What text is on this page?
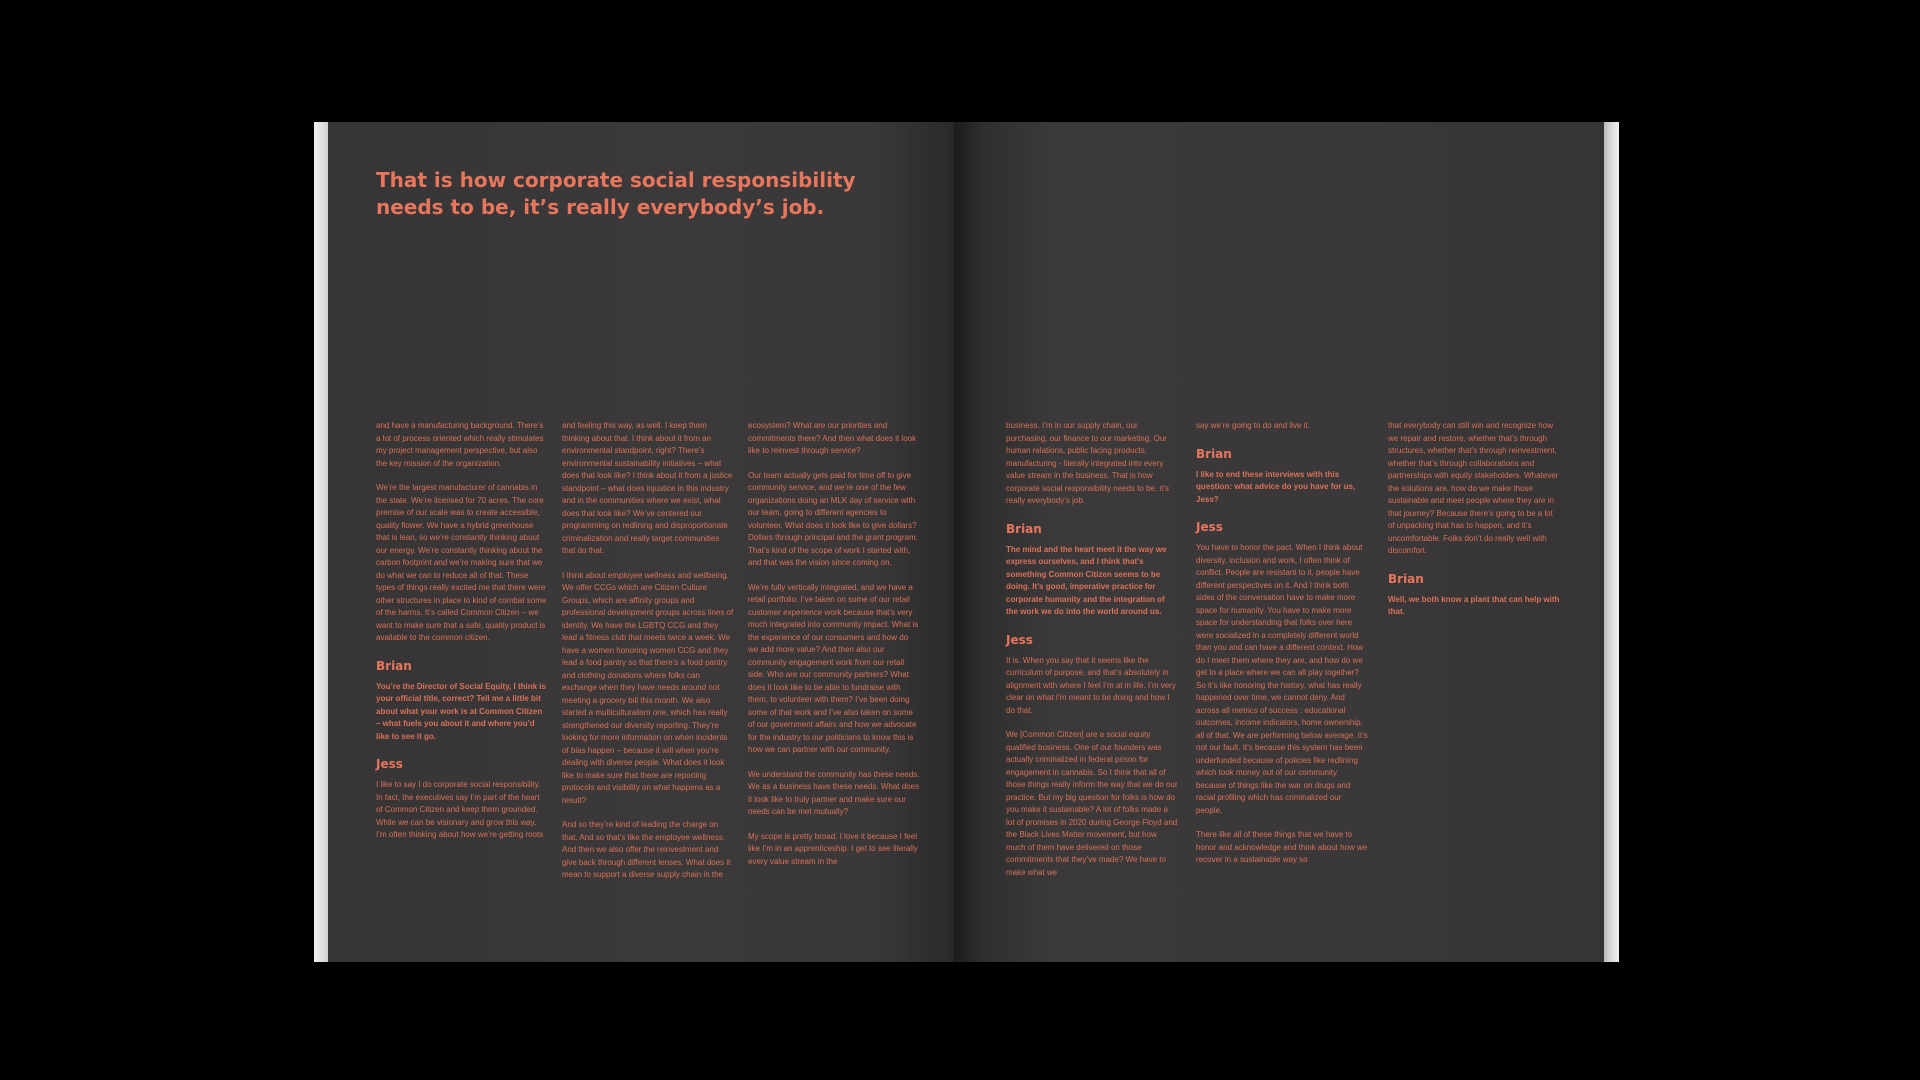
That is how corporate social responsibility needs to be, it’s really everybody’s job.

and have a manufacturing background. There’s a lot of process oriented which really stimulates my project management perspective, but also the key mission of the organization.

We’re the largest manufacturer of cannabis in the state. We’re licensed for 70 acres. The core premise of our scale was to create accessible, quality flower. We have a hybrid greenhouse that is lean, so we’re constantly thinking about our energy. We’re constantly thinking about the carbon footprint and we’re making sure that we do what we can to reduce all of that. These types of things really excited me that there were other structures in place to kind of combat some of the harms. It’s called Common Citizen – we want to make sure that a safe, quality product is available to the common citizen.

Brian

You’re the Director of Social Equity, I think is your official title, correct? Tell me a little bit about what your work is at Common Citizen – what fuels you about it and where you’d like to see it go.

Jess

I like to say I do corporate social responsibility. In fact, the executives say I’m part of the heart of Common Citizen and keep them grounded. While we can be visionary and grow this way, I’m often thinking about how we’re getting roots

and feeling this way, as well. I keep them thinking about that. I think about it from an environmental standpoint, right? There’s environmental sustainability initiatives – what does that look like? I think about it from a justice standpoint – what does injustice in this industry and in the communities where we exist, what does that look like? We’ve centered our programming on redlining and disproportionate criminalization and really target communities that do that.

I think about employee wellness and wellbeing. We offer CCGs which are Citizen Culture Groups, which are affinity groups and professional development groups across lines of identity. We have the LGBTQ CCG and they lead a fitness club that meets twice a week. We have a women honoring women CCG and they lead a food pantry so that there’s a food pantry and clothing donations where folks can exchange when they have needs around not meeting a grocery bill this month. We also started a multiculturalism one, which has really strengthened our diversity reporting. They’re looking for more information on when incidents of bias happen – because it will when you’re dealing with diverse people. What does it look like to make sure that there are reporting protocols and visibility on what happens as a result?

And so they’re kind of leading the charge on that. And so that’s like the employee wellness. And then we also offer the reinvestment and give back through different lenses. What does it mean to support a diverse supply chain in the

ecosystem? What are our priorities and commitments there? And then what does it look like to reinvest through service?

Our team actually gets paid for time off to give community service, and we’re one of the few organizations doing an MLK day of service with our team, going to different agencies to volunteer. What does it look like to give dollars? Dollars through principal and the grant program. That’s kind of the scope of work I started with, and that was the vision since coming on.

We’re fully vertically integrated, and we have a retail portfolio. I’ve taken on some of our retail customer experience work because that’s very much integrated into community impact. What is the experience of our consumers and how do we add more value? And then also our community engagement work from our retail side. Who are our community partners? What does it look like to be able to fundraise with them, to volunteer with them? I’ve been doing some of that work and I’ve also taken on some of our government affairs and how we advocate for the industry to our politicians to know this is how we can partner with our community.

We understand the community has these needs. We as a business have these needs. What does it look like to truly partner and make sure our needs can be met mutually?

My scope is pretty broad. I love it because I feel like I’m in an apprenticeship. I get to see literally every value stream in the

business. I’m in our supply chain, our purchasing, our finance to our marketing. Our human relations, public facing products, manufacturing - literally integrated into every value stream in the business. That is how corporate social responsibility needs to be, it’s really everybody’s job.

Brian

The mind and the heart meet it the way we express ourselves, and I think that’s something Common Citizen seems to be doing. It’s good, imperative practice for corporate humanity and the integration of the work we do into the world around us.

Jess

It is. When you say that it seems like the curriculum of purpose, and that’s absolutely in alignment with where I feel I’m at in life. I’m very clear on what I’m meant to be doing and how I do that.

We [Common Citizen] are a social equity qualified business. One of our founders was actually criminalized in federal prison for engagement in cannabis. So I think that all of those things really inform the way that we do our practice. But my big question for folks is how do you make it sustainable? A lot of folks made a lot of promises in 2020 during George Floyd and the Black Lives Matter movement, but how much of them have delivered on those commitments that they’ve made? We have to make what we

say we’re going to do and live it.

Brian

I like to end these interviews with this question: what advice do you have for us, Jess?

Jess

You have to honor the pact. When I think about diversity, inclusion and work, I often think of conflict. People are resistant to it, people have different perspectives on it. And I think both sides of the conversation have to make more space for humanity. You have to make more space for understanding that folks over here were socialized in a completely different world than you and can have a different context. How do I meet them where they are, and how do we get to a place where we can all play together? So it’s like honoring the history, what has really happened over time, we cannot deny. And across all metrics of success : educational outcomes, income indicators, home ownership, all of that. We are performing below average. It’s not our fault. It’s because this system has been underfunded because of policies like redlining which took money out of our community because of things like the war on drugs and racial profiling which has criminalized our people.

There like all of these things that we have to honor and acknowledge and think about how we recover in a sustainable way so

that everybody can still win and recognize how we repair and restore, whether that’s through structures, whether that’s through reinvestment, whether that’s through collaborations and partnerships with equity stakeholders. Whatever the solutions are, how do we make those sustainable and meet people where they are in that journey? Because there’s going to be a lot of unpacking that has to happen, and it’s uncomfortable. Folks don’t do really well with discomfort.

Brian

Well, we both know a plant that can help with that.
